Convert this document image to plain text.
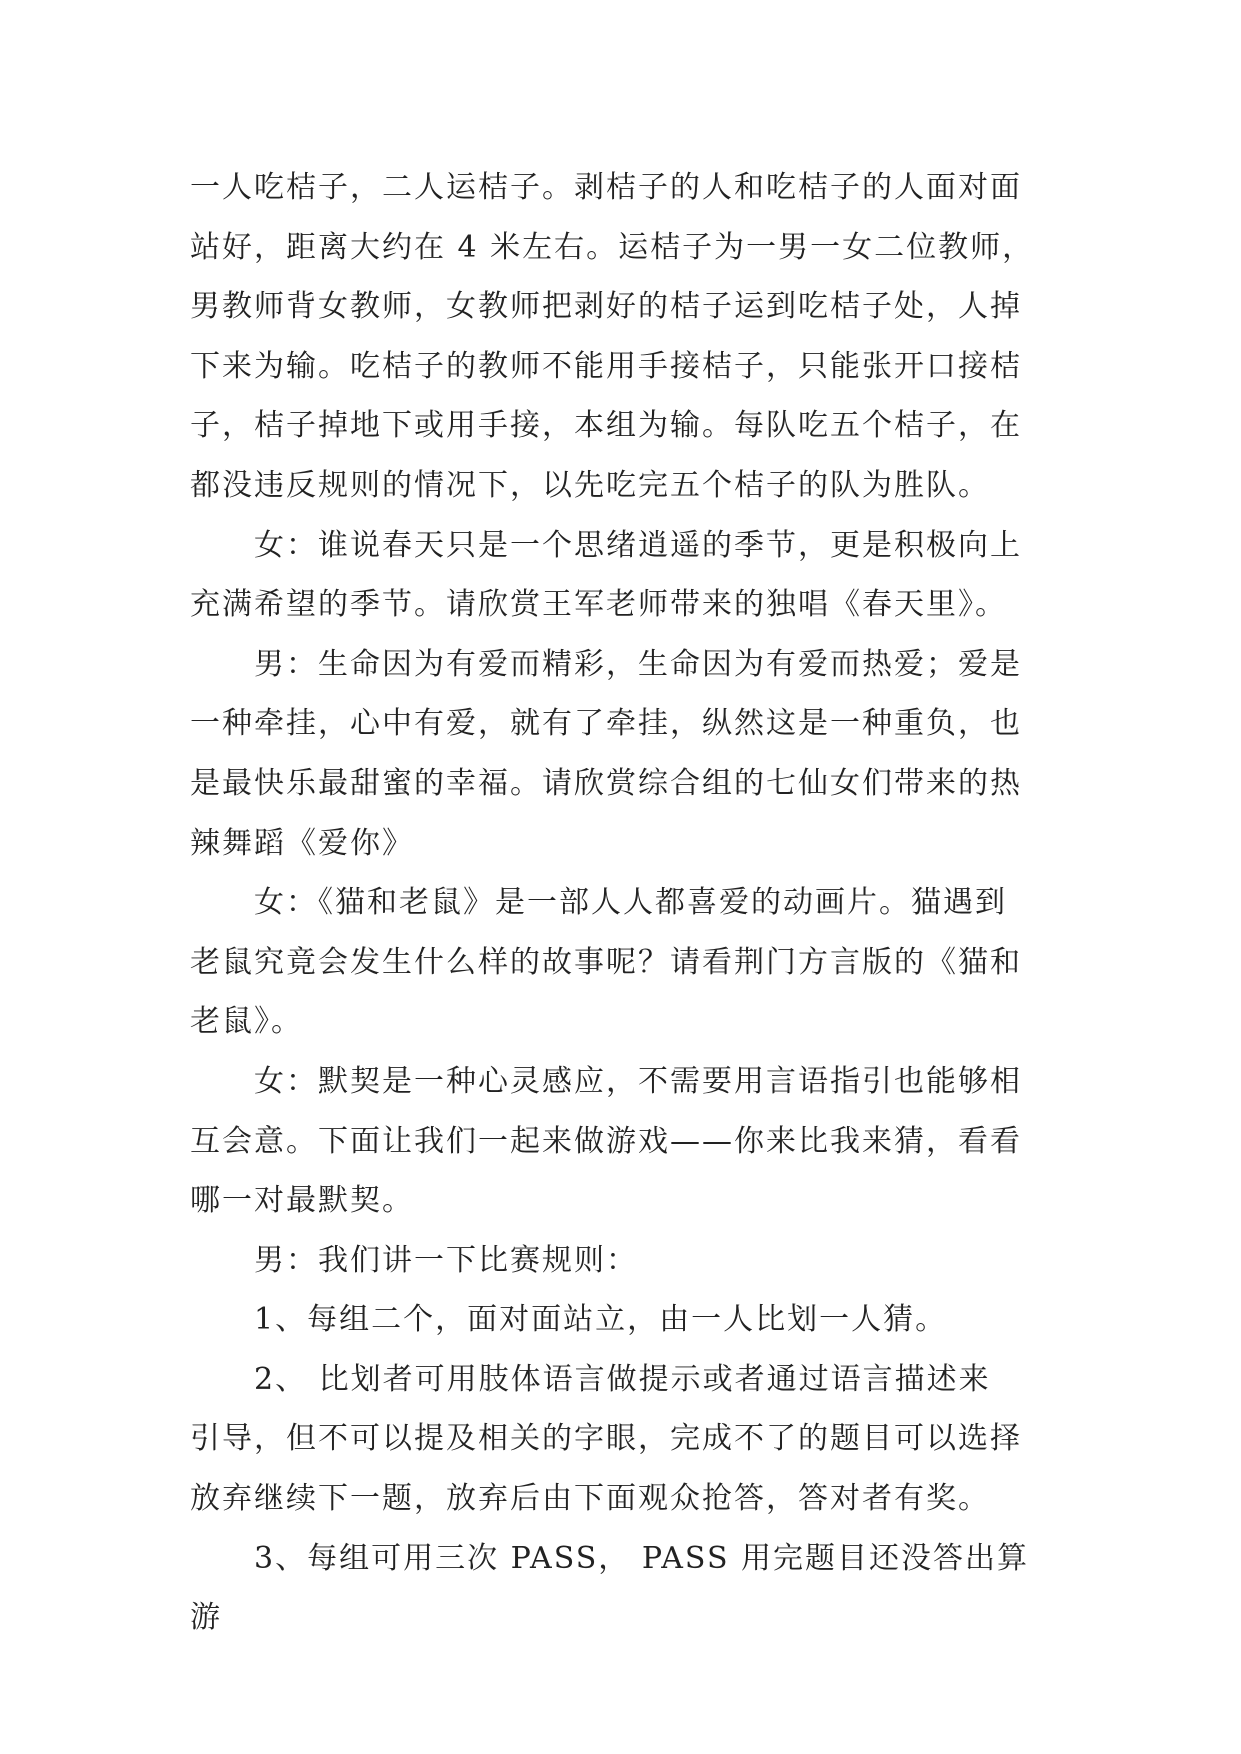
一人吃桔子，二人运桔子。剥桔子的人和吃桔子的人面对面
站好，距离大约在 4 米左右。运桔子为一男一女二位教师，
男教师背女教师，女教师把剥好的桔子运到吃桔子处，人掉
下来为输。吃桔子的教师不能用手接桔子，只能张开口接桔
子，桔子掉地下或用手接，本组为输。每队吃五个桔子，在
都没违反规则的情况下，以先吃完五个桔子的队为胜队。

女：谁说春天只是一个思绪逍遥的季节，更是积极向上
充满希望的季节。请欣赏王军老师带来的独唱《春天里》。

男：生命因为有爱而精彩，生命因为有爱而热爱；爱是
一种牵挂，心中有爱，就有了牵挂，纵然这是一种重负，也
是最快乐最甜蜜的幸福。请欣赏综合组的七仙女们带来的热
辣舞蹈《爱你》

女：《猫和老鼠》是一部人人都喜爱的动画片。猫遇到
老鼠究竟会发生什么样的故事呢？请看荆门方言版的《猫和
老鼠》。

女：默契是一种心灵感应，不需要用言语指引也能够相
互会意。下面让我们一起来做游戏——你来比我来猜，看看
哪一对最默契。

男：我们讲一下比赛规则：

1、每组二个，面对面站立，由一人比划一人猜。

2、 比划者可用肢体语言做提示或者通过语言描述来
引导，但不可以提及相关的字眼，完成不了的题目可以选择
放弃继续下一题，放弃后由下面观众抢答，答对者有奖。

3、每组可用三次 PASS， PASS 用完题目还没答出算游
